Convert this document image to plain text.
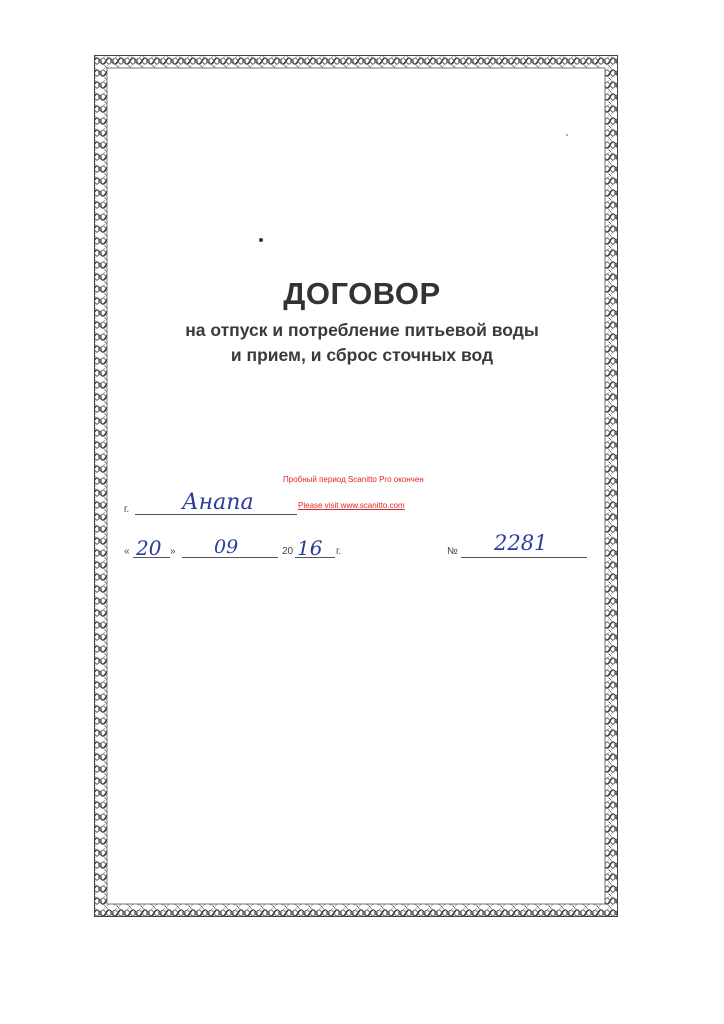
ДОГОВОР
на отпуск и потребление питьевой воды
и прием, и сброс сточных вод
Пробный период Scanitto Pro окончен
Please visit www.scanitto.com
г. Анапа
« 20 » 09	20 16 г.	№ 2281
